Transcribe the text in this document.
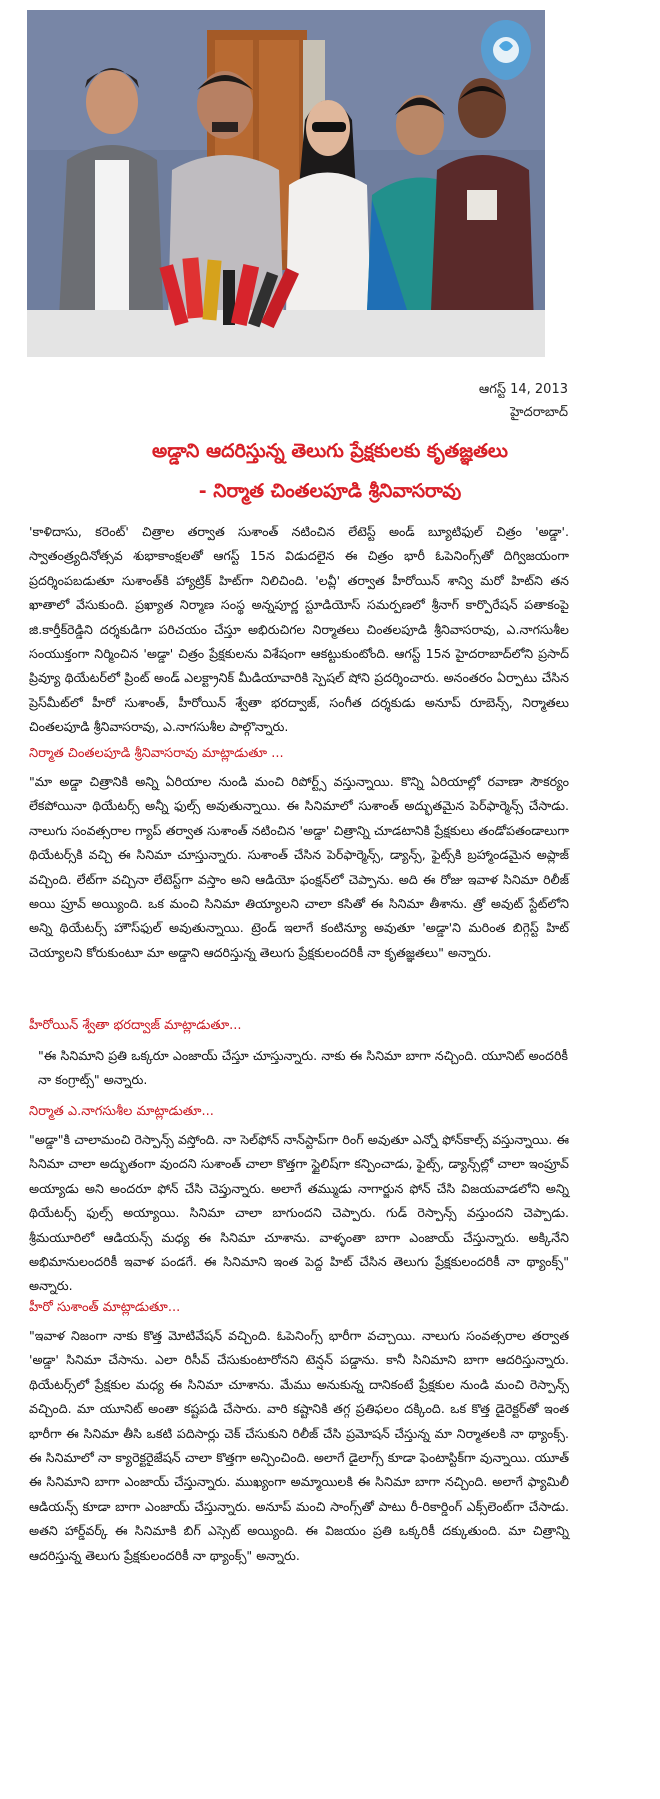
ఆగస్ట్ 14, 2013
హైదరాబాద్
అడ్డాని ఆదరిస్తున్న తెలుగు ప్రేక్షకులకు కృతజ్ఞతలు
- నిర్మాత చింతలపూడి శ్రీనివాసరావు
'కాళిదాసు, కరెంట్' చిత్రాల తర్వాత సుశాంత్ నటించిన లేటెస్ట్ అండ్ బ్యూటిఫుల్ చిత్రం 'అడ్డా'. స్వాతంత్ర్యదినోత్సవ శుభాకాంక్షలతో ఆగస్ట్ 15న విడుదలైన ఈ చిత్రం భారీ ఓపెనింగ్స్‌తో దిగ్విజయంగా ప్రదర్శింపబడుతూ సుశాంత్‌కి హ్యాట్రిక్ హిట్‌గా నిలిచింది. 'లవ్లీ' తర్వాత హీరోయిన్ శాన్వి మరో హిట్‌ని తన ఖాతాలో వేసుకుంది. ప్రఖ్యాత నిర్మాణ సంస్థ అన్నపూర్ణ స్టూడియోస్ సమర్పణలో శ్రీనాగ్ కార్పొరేషన్ పతాకంపై జి.కార్తీక్‌రెడ్డిని దర్శకుడిగా పరిచయం చేస్తూ అభిరుచిగల నిర్మాతలు చింతలపూడి శ్రీనివాసరావు, ఎ.నాగసుశీల సంయుక్తంగా నిర్మించిన 'అడ్డా' చిత్రం ప్రేక్షకులను విశేషంగా ఆకట్టుకుంటోంది. ఆగస్ట్ 15న హైదరాబాద్‌లోని ప్రసాద్ ప్రివ్యూ థియేటర్‌లో ప్రింట్ అండ్ ఎలక్ట్రానిక్ మీడియావారికి స్పెషల్ షోని ప్రదర్శించారు. అనంతరం ఏర్పాటు చేసిన ప్రెస్‌మీట్‌లో హీరో సుశాంత్, హీరోయిన్ శ్వేతా భరద్వాజ్, సంగీత దర్శకుడు అనూప్ రూబెన్స్, నిర్మాతలు చింతలపూడి శ్రీనివాసరావు, ఎ.నాగసుశీల పాల్గొన్నారు.
నిర్మాత చింతలపూడి శ్రీనివాసరావు మాట్లాడుతూ ...
"మా అడ్డా చిత్రానికి అన్ని ఏరియాల నుండి మంచి రిపోర్ట్స్ వస్తున్నాయి. కొన్ని ఏరియాల్లో రవాణా సౌకర్యం లేకపోయినా థియేటర్స్ అన్నీ ఫుల్స్ అవుతున్నాయి. ఈ సినిమాలో సుశాంత్ అద్భుతమైన పెర్‌ఫార్మెన్స్ చేసాడు. నాలుగు సంవత్సరాల గ్యాప్ తర్వాత సుశాంత్ నటించిన 'అడ్డా' చిత్రాన్ని చూడటానికి ప్రేక్షకులు తండోపతండాలుగా థియేటర్స్‌కి వచ్చి ఈ సినిమా చూస్తున్నారు. సుశాంత్ చేసిన పెర్‌ఫార్మెన్స్, డ్యాన్స్, ఫైట్స్‌కి బ్రహ్మాండమైన అప్లాజ్ వచ్చింది. లేట్‌గా వచ్చినా లేటెస్ట్‌గా వస్తాం అని ఆడియో ఫంక్షన్‌లో చెప్పాను. అది ఈ రోజు ఇవాళ సినిమా రిలీజ్ అయి ప్రూవ్ అయ్యింది. ఒక మంచి సినిమా తియ్యాలని చాలా కసితో ఈ సినిమా తీశాను. త్రో అవుట్ స్టేట్‌లోని అన్ని థియేటర్స్ హౌస్‌ఫుల్ అవుతున్నాయి. ట్రెండ్ ఇలాగే కంటిన్యూ అవుతూ 'అడ్డా'ని మరింత బిగ్గెస్ట్ హిట్ చెయ్యాలని కోరుకుంటూ మా అడ్డాని ఆదరిస్తున్న తెలుగు ప్రేక్షకులందరికీ నా కృతజ్ఞతలు" అన్నారు.
హీరోయిన్ శ్వేతా భరద్వాజ్ మాట్లాడుతూ...
"ఈ సినిమాని ప్రతి ఒక్కరూ ఎంజాయ్ చేస్తూ చూస్తున్నారు. నాకు ఈ సినిమా బాగా నచ్చింది. యూనిట్ అందరికీ నా కంగ్రాట్స్" అన్నారు.
నిర్మాత ఎ.నాగసుశీల మాట్లాడుతూ...
"అడ్డా"కి చాలామంచి రెస్పాన్స్ వస్తోంది. నా సెల్‌ఫోన్ నాన్‌స్టాప్‌గా రింగ్ అవుతూ ఎన్నో ఫోన్‌కాల్స్ వస్తున్నాయి. ఈ సినిమా చాలా అద్భుతంగా వుందని సుశాంత్ చాలా కొత్తగా స్టైలిష్‌గా కన్పించాడు, ఫైట్స్, డ్యాన్స్‌ల్లో చాలా ఇంప్రూవ్ అయ్యాడు అని అందరూ ఫోన్ చేసి చెప్తున్నారు. అలాగే తమ్ముడు నాగార్జున ఫోన్ చేసి విజయవాడలోని అన్ని థియేటర్స్ ఫుల్స్ అయ్యాయి. సినిమా చాలా బాగుందని చెప్పారు. గుడ్ రెస్పాన్స్ వస్తుందని చెప్పాడు. శ్రీమయూరిలో ఆడియన్స్ మధ్య ఈ సినిమా చూశాను. వాళ్ళంతా బాగా ఎంజాయ్ చేస్తున్నారు. అక్కినేని అభిమానులందరికీ ఇవాళ పండగే. ఈ సినిమాని ఇంత పెద్ద హిట్ చేసిన తెలుగు ప్రేక్షకులందరికీ నా థ్యాంక్స్" అన్నారు.
హీరో సుశాంత్ మాట్లాడుతూ...
"ఇవాళ నిజంగా నాకు కొత్త మోటివేషన్ వచ్చింది. ఓపెనింగ్స్ భారీగా వచ్చాయి. నాలుగు సంవత్సరాల తర్వాత 'అడ్డా' సినిమా చేసాను. ఎలా రిసీవ్ చేసుకుంటారోనని టెన్షన్ పడ్డాను. కానీ సినిమాని బాగా ఆదరిస్తున్నారు. థియేటర్స్‌లో ప్రేక్షకుల మధ్య ఈ సినిమా చూశాను. మేము అనుకున్న దానికంటే ప్రేక్షకుల నుండి మంచి రెస్పాన్స్ వచ్చింది. మా యూనిట్ అంతా కష్టపడి చేసారు. వారి కష్టానికి తగ్గ ప్రతిఫలం దక్కింది. ఒక కొత్త డైరెక్టర్‌తో ఇంత భారీగా ఈ సినిమా తీసి ఒకటి పదిసార్లు చెక్ చేసుకుని రిలీజ్ చేసి ప్రమోషన్ చేస్తున్న మా నిర్మాతలకి నా థ్యాంక్స్. ఈ సినిమాలో నా క్యారెక్టరైజేషన్ చాలా కొత్తగా అన్పించింది. అలాగే డైలాగ్స్ కూడా ఫెంటాస్టిక్‌గా వున్నాయి. యూత్ ఈ సినిమాని బాగా ఎంజాయ్ చేస్తున్నారు. ముఖ్యంగా అమ్మాయిలకి ఈ సినిమా బాగా నచ్చింది. అలాగే ఫ్యామిలీ ఆడియన్స్ కూడా బాగా ఎంజాయ్ చేస్తున్నారు. అనూప్ మంచి సాంగ్స్‌తో పాటు రీ-రికార్డింగ్ ఎక్స్‌లెంట్‌గా చేసాడు. అతని హార్డ్‌వర్క్ ఈ సినిమాకి బిగ్ ఎస్సెట్ అయ్యింది. ఈ విజయం ప్రతి ఒక్కరికీ దక్కుతుంది. మా చిత్రాన్ని ఆదరిస్తున్న తెలుగు ప్రేక్షకులందరికీ నా థ్యాంక్స్" అన్నారు.
